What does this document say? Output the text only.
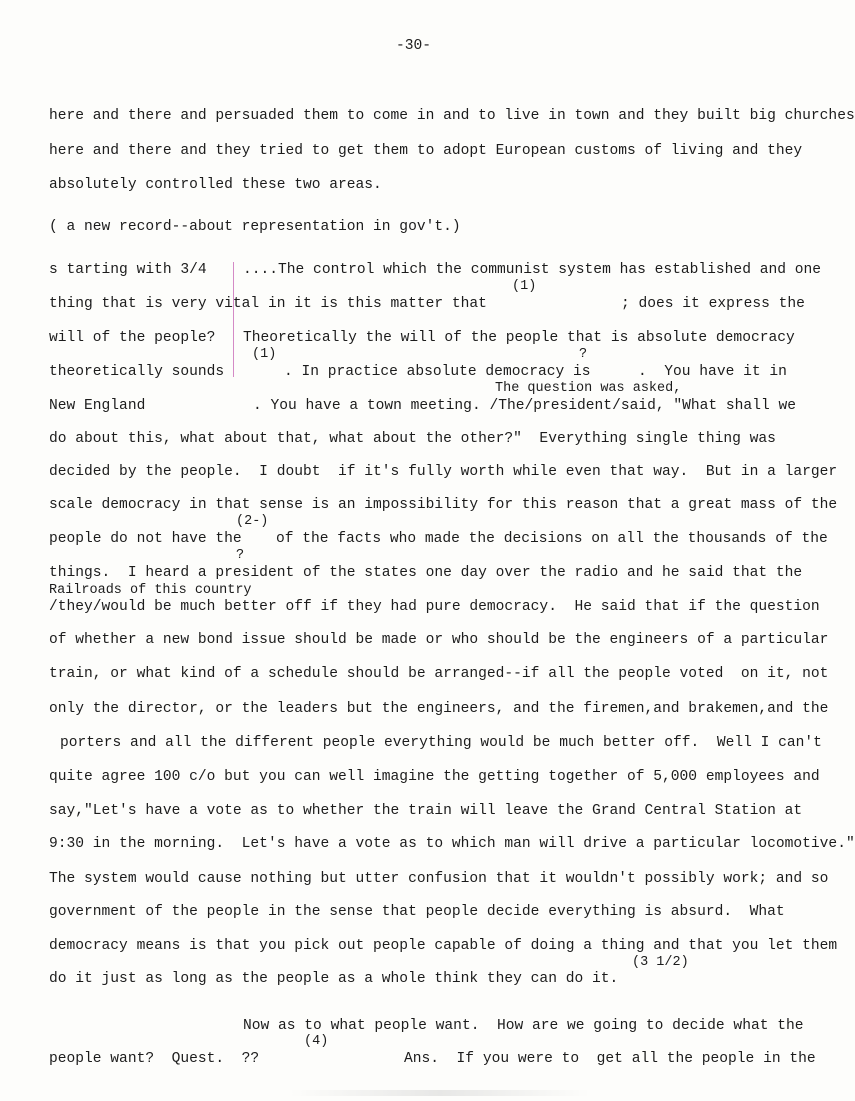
-30-
here and there and persuaded them to come in and to live in town and they built big churches
here and there and they tried to get them to adopt European customs of living and they
absolutely controlled these two areas.
( a new record--about representation in gov't.)
s tarting with 3/4 ....The control which the communist system has established and one
(1)
thing that is very vital in it is this matter that	; does it express the
will of the people? Theoretically the will of the people that is absolute democracy
(1)	?
theoretically sounds	. In practice absolute democracy is	.  You have it in
The question was asked,
New England	. You have a town meeting. /The/president/said, "What shall we
do about this, what about that, what about the other?"  Everything single thing was
decided by the people.  I doubt  if it's fully worth while even that way.  But in a larger
scale democracy in that sense is an impossibility for this reason that a great mass of the
(2-)
people do not have the of the facts who made the decisions on all the thousands of the
?
things.  I heard a president of the states one day over the radio and he said that the
Railroads of this country
/they/would be much better off if they had pure democracy.  He said that if the question
of whether a new bond issue should be made or who should be the engineers of a particular
train, or what kind of a schedule should be arranged--if all the people voted  on it, not
only the director, or the leaders but the engineers, and the firemen,and brakemen,and the
porters and all the different people everything would be much better off.  Well I can't
quite agree 100 c/o but you can well imagine the getting together of 5,000 employees and
say,"Let's have a vote as to whether the train will leave the Grand Central Station at
9:30 in the morning.  Let's have a vote as to which man will drive a particular locomotive."
The system would cause nothing but utter confusion that it wouldn't possibly work; and so
government of the people in the sense that people decide everything is absurd.  What
democracy means is that you pick out people capable of doing a thing and that you let them
(3 1/2)
do it just as long as the people as a whole think they can do it.
Now as to what people want.  How are we going to decide what the
(4)
people want?  Quest.  ??	Ans.  If you were to  get all the people in the
